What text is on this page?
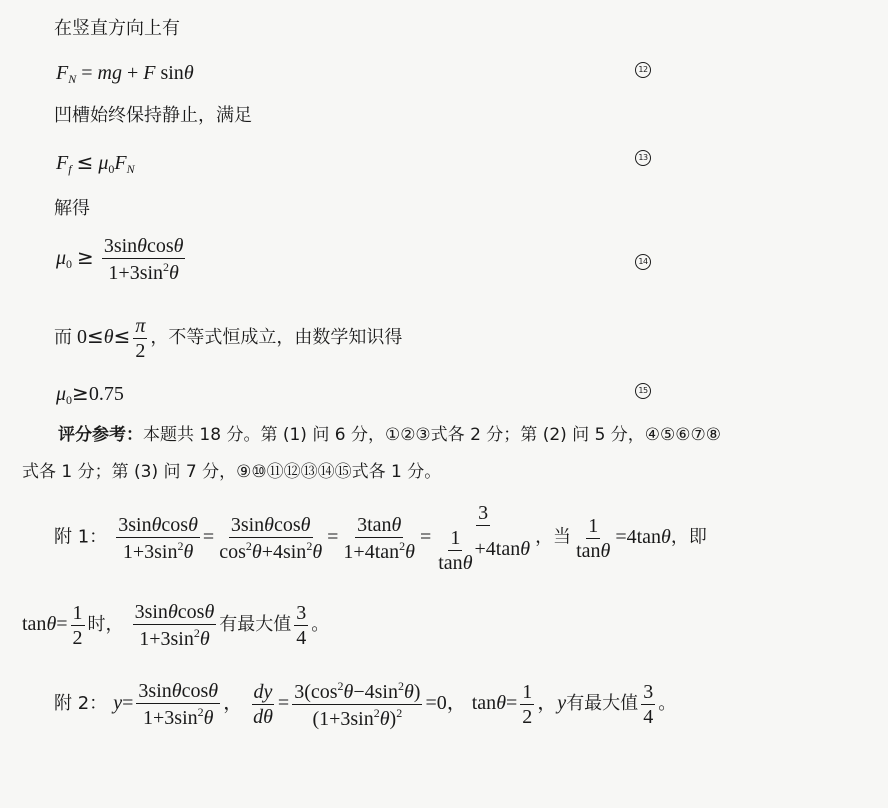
在竖直方向上有
$F_N$ = mg + F sinθ	12
凹槽始终保持静止，满足
$F_f \le \mu_0F_N$
13
解得
$\mu_0 \ge \frac{3\sin\theta\cos\theta}{1+3\sin^2\theta}$	14
而 $0\le\theta\le \frac{\pi}{2}$ ，不等式恒成立，由数学知识得
$\mu_0\ge 0.75$	15
评分参考：本题共 18 分。第 (1) 问 6 分，①②③式各 2 分；第 (2) 问 5 分，④⑤⑥⑦⑧
式各 1 分；第 (3) 问 7 分，⑨⑩⑪⑫⑬⑭⑮式各 1 分。
附 1： $\frac{3\sin\theta\cos\theta}{1+3\sin^2\theta} = \frac{3\sin\theta\cos\theta}{\cos^2\theta+4\sin^2\theta} = \frac{3\tan\theta}{1+4\tan^2\theta} = \frac{3}{\frac{1}{\tan\theta} +4\tan\theta}$ ，当 $\frac{1}{\tan\theta} =4\tan\theta$，即
$\tan\theta= \frac{1}{2}$ 时， $\frac{3\sin\theta\cos\theta}{1+3\sin^2\theta}$ 有最大值 $\frac{3}{4}$ 。
附 2： $y= \frac{3\sin\theta\cos\theta}{1+3\sin^2\theta}$ ， $\frac{dy}{d\theta} = \frac{3(\cos^2\theta-4\sin^2\theta)}{(1+3\sin^2\theta)^2} =0$， $\tan\theta= \frac{1}{2}$ ，y有最大值 $\frac{3}{4}$ 。
